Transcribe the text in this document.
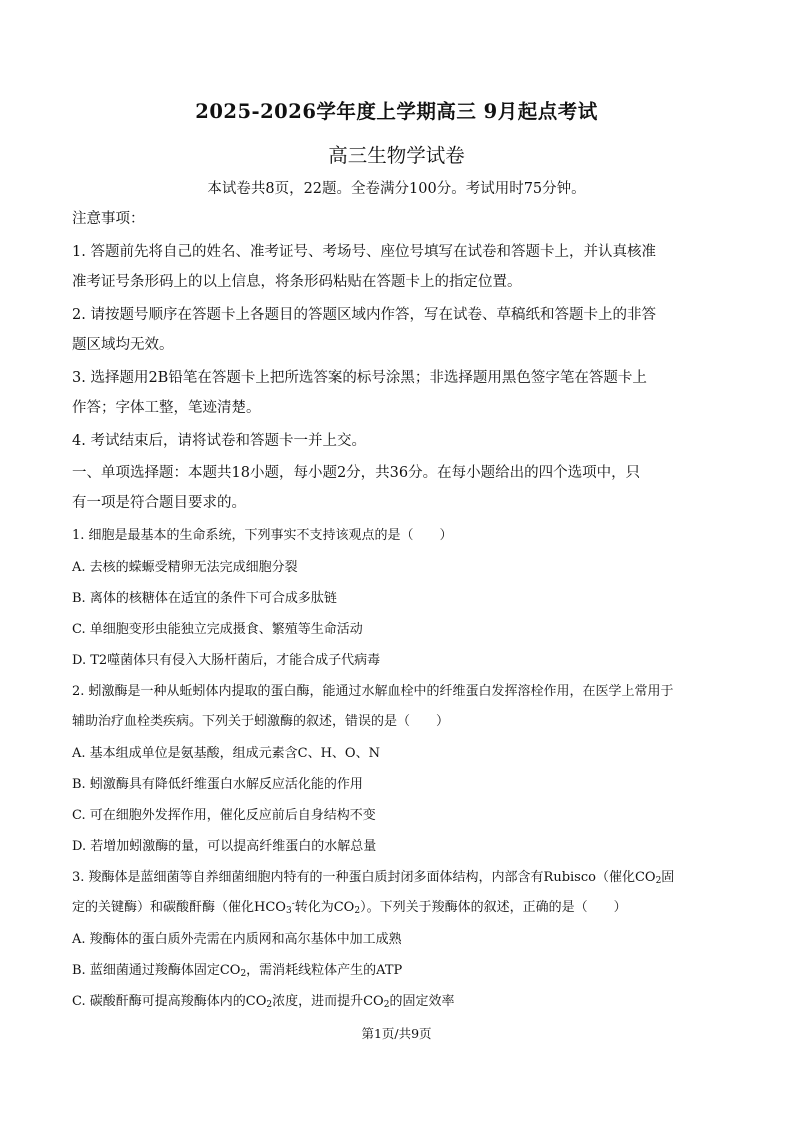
2025-2026学年度上学期高三 9月起点考试
高三生物学试卷
本试卷共8页，22题。全卷满分100分。考试用时75分钟。
注意事项：
1. 答题前先将自己的姓名、准考证号、考场号、座位号填写在试卷和答题卡上，并认真核准
准考证号条形码上的以上信息，将条形码粘贴在答题卡上的指定位置。
2. 请按题号顺序在答题卡上各题目的答题区域内作答，写在试卷、草稿纸和答题卡上的非答
题区域均无效。
3. 选择题用2B铅笔在答题卡上把所选答案的标号涂黑；非选择题用黑色签字笔在答题卡上
作答；字体工整，笔迹清楚。
4. 考试结束后，请将试卷和答题卡一并上交。
一、单项选择题：本题共18小题，每小题2分，共36分。在每小题给出的四个选项中，只
有一项是符合题目要求的。
1. 细胞是最基本的生命系统，下列事实不支持该观点的是（　　）
A. 去核的蝾螈受精卵无法完成细胞分裂
B. 离体的核糖体在适宜的条件下可合成多肽链
C. 单细胞变形虫能独立完成摄食、繁殖等生命活动
D. T2噬菌体只有侵入大肠杆菌后，才能合成子代病毒
2. 蚓激酶是一种从蚯蚓体内提取的蛋白酶，能通过水解血栓中的纤维蛋白发挥溶栓作用，在医学上常用于
辅助治疗血栓类疾病。下列关于蚓激酶的叙述，错误的是（　　）
A. 基本组成单位是氨基酸，组成元素含C、H、O、N
B. 蚓激酶具有降低纤维蛋白水解反应活化能的作用
C. 可在细胞外发挥作用，催化反应前后自身结构不变
D. 若增加蚓激酶的量，可以提高纤维蛋白的水解总量
3. 羧酶体是蓝细菌等自养细菌细胞内特有的一种蛋白质封闭多面体结构，内部含有Rubisco（催化$CO_2$固
定的关键酶）和碳酸酐酶（催化$HCO_3^-$转化为$CO_2$）。下列关于羧酶体的叙述，正确的是（　　）
A. 羧酶体的蛋白质外壳需在内质网和高尔基体中加工成熟
B. 蓝细菌通过羧酶体固定$CO_2$，需消耗线粒体产生的ATP
C. 碳酸酐酶可提高羧酶体内的$CO_2$浓度，进而提升$CO_2$的固定效率
第1页/共9页
